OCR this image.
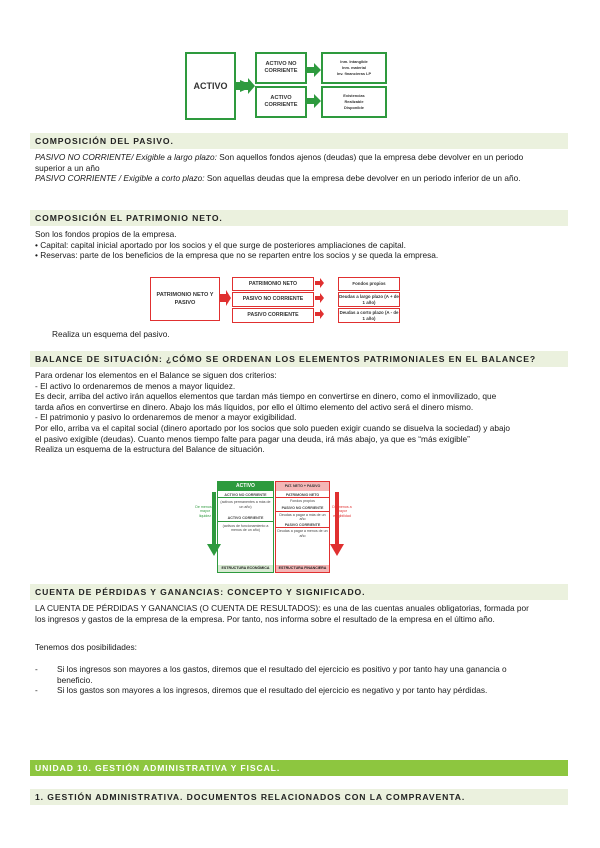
ACTIVO
ACTIVO NO CORRIENTE
ACTIVO CORRIENTE
Inm. Intangible
Inm. material
Inv. financieras LP
Existencias
Realizable
Disponible
COMPOSICIÓN DEL PASIVO.
PASIVO NO CORRIENTE/ Exigible a largo plazo: Son aquellos fondos ajenos (deudas) que la empresa debe devolver en un periodo
superior a un año
PASIVO CORRIENTE / Exigible a corto plazo: Son aquellas deudas que la empresa debe devolver en un periodo inferior de un año.
COMPOSICIÓN EL PATRIMONIO NETO.
Son los fondos propios de la empresa.
• Capital: capital inicial aportado por los socios y el que surge de posteriores ampliaciones de capital.
• Reservas: parte de los beneficios de la empresa que no se reparten entre los socios y se queda la empresa.
PATRIMONIO NETO Y PASIVO
PATRIMONIO NETO
PASIVO NO CORRIENTE
PASIVO CORRIENTE
Fondos propios
Deudas a largo plazo (A + de 1 año)
Deudas a corto plazo (A - de 1 año)
Realiza un esquema del pasivo.
BALANCE DE SITUACIÓN: ¿CÓMO SE ORDENAN LOS ELEMENTOS PATRIMONIALES EN EL BALANCE?
Para ordenar los elementos en el Balance se siguen dos criterios:
- El activo lo ordenaremos de menos a mayor liquidez.
Es decir, arriba del activo irán aquellos elementos que tardan más tiempo en convertirse en dinero, como el inmovilizado, que
tarda años en convertirse en dinero. Abajo los más líquidos, por ello el último elemento del activo será el dinero mismo.
- El patrimonio y pasivo lo ordenaremos de menor a mayor exigibilidad.
Por ello, arriba va el capital social (dinero aportado por los socios que solo pueden exigir cuando se disuelva la sociedad) y abajo
el pasivo exigible (deudas). Cuanto menos tiempo falte para pagar una deuda, irá más abajo, ya que es “más exigible”
Realiza un esquema de la estructura del Balance de situación.
De menos a mayor liquidez
De menos a mayor exigibilidad
ACTIVO
ACTIVO NO CORRIENTE
(activos permanentes a más de un año)
ACTIVO CORRIENTE
(activos de funcionamiento a menos de un año)
ESTRUCTURA ECONÓMICA
PAT. NETO + PASIVO
PATRIMONIO NETO
Fondos propios
PASIVO NO CORRIENTE
Deudas a pagar a más de un año
PASIVO CORRIENTE
Deudas a pagar a menos de un año
ESTRUCTURA FINANCIERA
CUENTA DE PÉRDIDAS Y GANANCIAS: CONCEPTO Y SIGNIFICADO.
LA CUENTA DE PÉRDIDAS Y GANANCIAS (O CUENTA DE RESULTADOS): es una de las cuentas anuales obligatorias, formada por
los ingresos y gastos de la empresa de la empresa. Por tanto, nos informa sobre el resultado de la empresa en el último año.
Tenemos dos posibilidades:
- Si los ingresos son mayores a los gastos, diremos que el resultado del ejercicio es positivo y por tanto hay una ganancia o
beneficio.
- Si los gastos son mayores a los ingresos, diremos que el resultado del ejercicio es negativo y por tanto hay pérdidas.
UNIDAD 10. GESTIÓN ADMINISTRATIVA Y FISCAL.
1. GESTIÓN ADMINISTRATIVA. DOCUMENTOS RELACIONADOS CON LA COMPRAVENTA.
